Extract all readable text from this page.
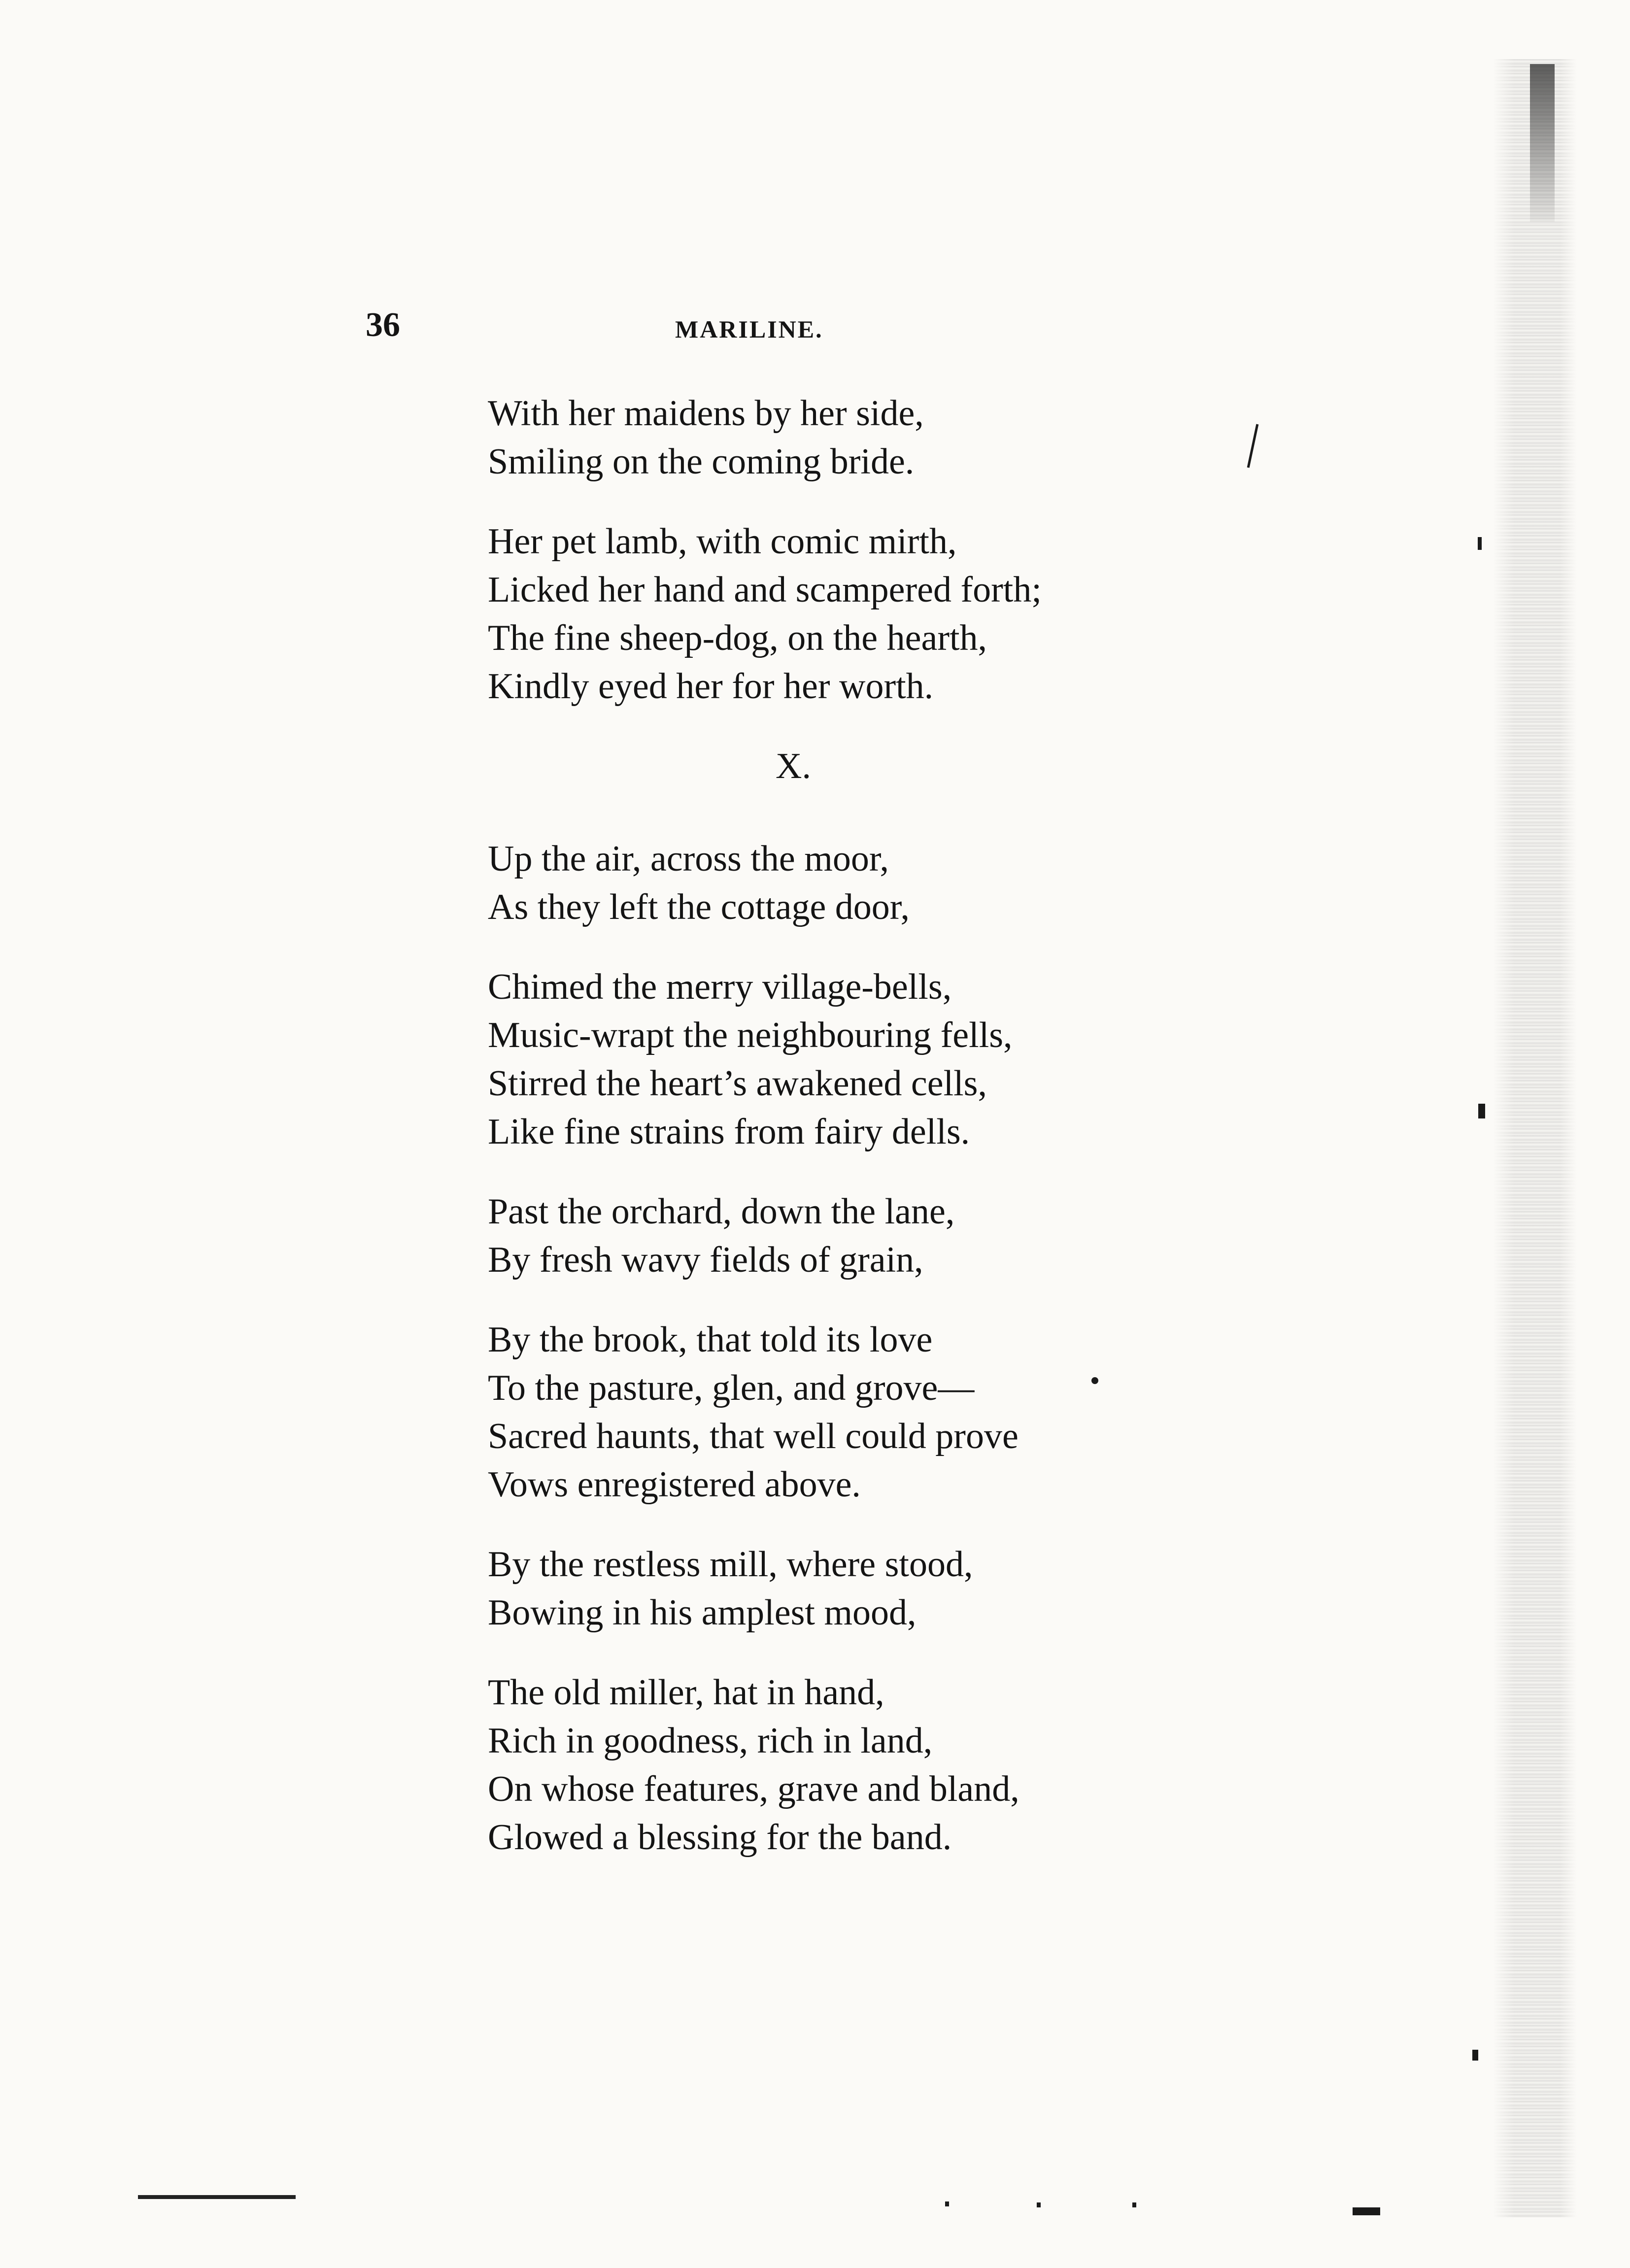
36	MARILINE.
With her maidens by her side,
Smiling on the coming bride.
Her pet lamb, with comic mirth,
Licked her hand and scampered forth;
The fine sheep-dog, on the hearth,
Kindly eyed her for her worth.
X.
Up the air, across the moor,
As they left the cottage door,
Chimed the merry village-bells,
Music-wrapt the neighbouring fells,
Stirred the heart’s awakened cells,
Like fine strains from fairy dells.
Past the orchard, down the lane,
By fresh wavy fields of grain,
By the brook, that told its love
To the pasture, glen, and grove—
Sacred haunts, that well could prove
Vows enregistered above.
By the restless mill, where stood,
Bowing in his amplest mood,
The old miller, hat in hand,
Rich in goodness, rich in land,
On whose features, grave and bland,
Glowed a blessing for the band.
